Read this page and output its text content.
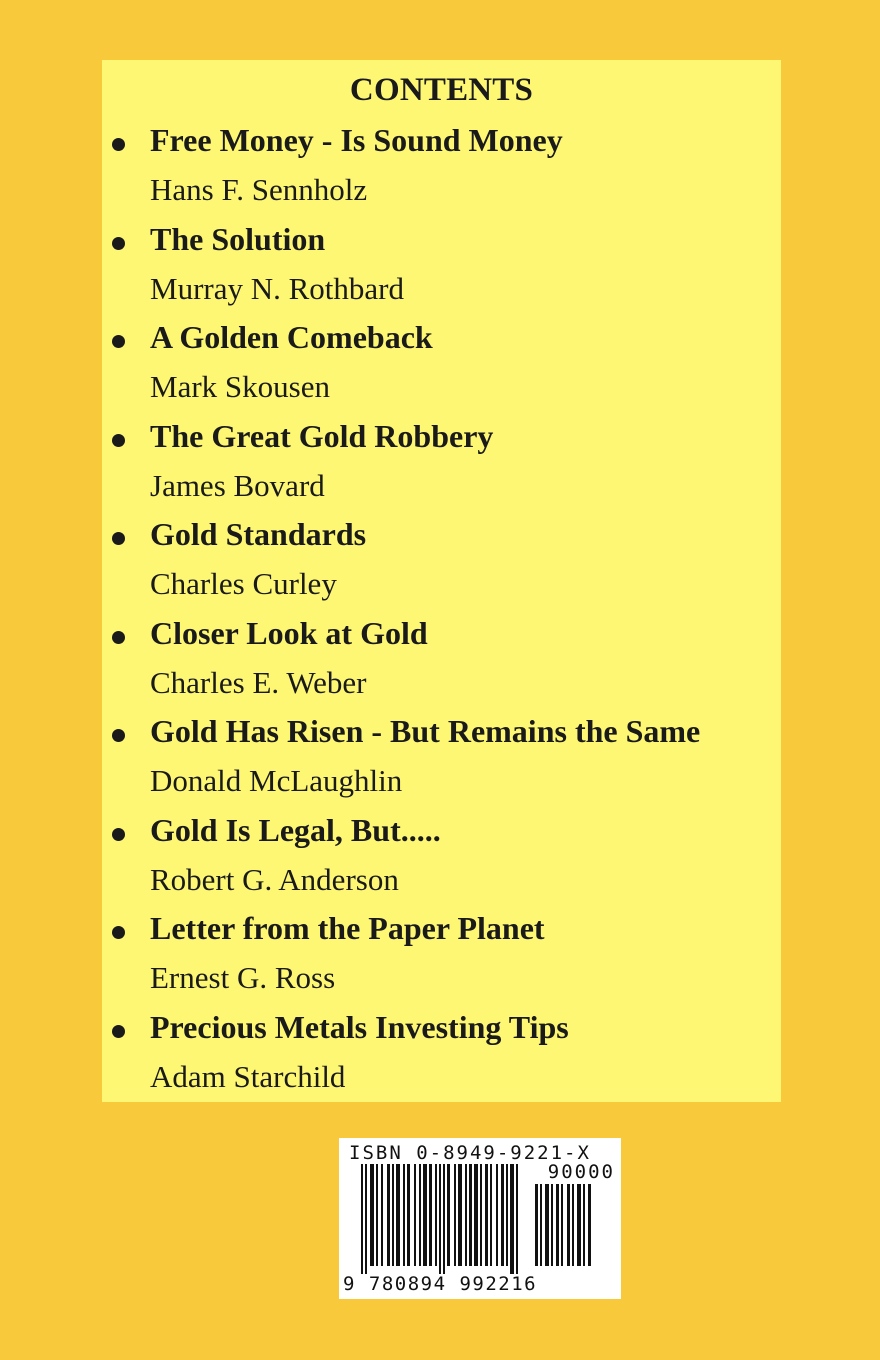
CONTENTS
Free Money - Is Sound Money
Hans F. Sennholz
The Solution
Murray N. Rothbard
A Golden Comeback
Mark Skousen
The Great Gold Robbery
James Bovard
Gold Standards
Charles Curley
Closer Look at Gold
Charles E. Weber
Gold Has Risen - But Remains the Same
Donald McLaughlin
Gold Is Legal, But.....
Robert G. Anderson
Letter from the Paper Planet
Ernest G. Ross
Precious Metals Investing Tips
Adam Starchild
ISBN 0-8949-9221-X
90000
9 780894 992216
